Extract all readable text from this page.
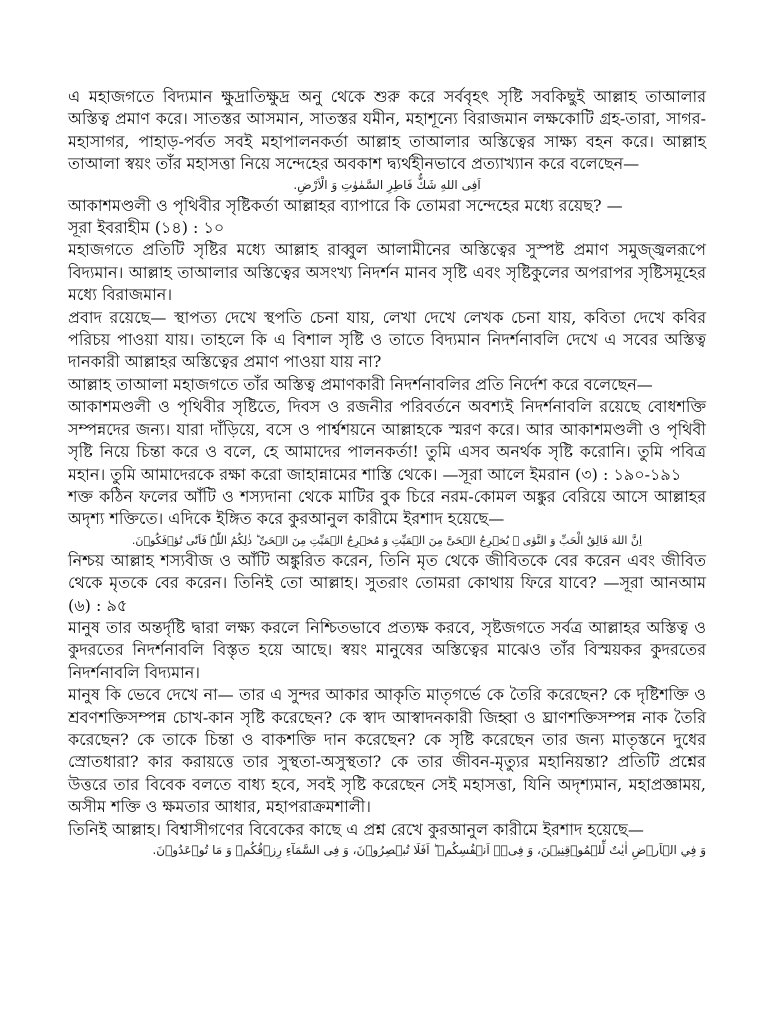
এ মহাজগতে বিদ্যমান ক্ষুদ্রাতিক্ষুদ্র অনু থেকে শুরু করে সর্ববৃহৎ সৃষ্টি সবকিছুই আল্লাহ তাআলার অস্তিত্ব প্রমাণ করে। সাতস্তর আসমান, সাতস্তর যমীন, মহাশূন্যে বিরাজমান লক্ষকোটি গ্রহ-তারা, সাগর-মহাসাগর, পাহাড়-পর্বত সবই মহাপালনকর্তা আল্লাহ তাআলার অস্তিত্বের সাক্ষ্য বহন করে। আল্লাহ তাআলা স্বয়ং তাঁর মহাসত্তা নিয়ে সন্দেহের অবকাশ দ্ব্যর্থহীনভাবে প্রত্যাখ্যান করে বলেছেন—

اَفِى اللهِ شَكٌّ فَاطِرِ السَّمٰوٰتِ وَ الْاَرْضِ.

আকাশমণ্ডলী ও পৃথিবীর সৃষ্টিকর্তা আল্লাহর ব্যাপারে কি তোমরা সন্দেহের মধ্যে রয়েছ? —

সূরা ইবরাহীম (১৪) : ১০

মহাজগতে প্রতিটি সৃষ্টির মধ্যে আল্লাহ রাব্বুল আলামীনের অস্তিত্বের সুস্পষ্ট প্রমাণ সমুজ্জ্বলরূপে বিদ্যমান। আল্লাহ তাআলার অস্তিত্বের অসংখ্য নিদর্শন মানব সৃষ্টি এবং সৃষ্টিকুলের অপরাপর সৃষ্টিসমূহের মধ্যে বিরাজমান।

প্রবাদ রয়েছে— স্থাপত্য দেখে স্থপতি চেনা যায়, লেখা দেখে লেখক চেনা যায়, কবিতা দেখে কবির পরিচয় পাওয়া যায়। তাহলে কি এ বিশাল সৃষ্টি ও তাতে বিদ্যমান নিদর্শনাবলি দেখে এ সবের অস্তিত্ব দানকারী আল্লাহর অস্তিত্বের প্রমাণ পাওয়া যায় না?

আল্লাহ তাআলা মহাজগতে তাঁর অস্তিত্ব প্রমাণকারী নিদর্শনাবলির প্রতি নির্দেশ করে বলেছেন—

আকাশমণ্ডলী ও পৃথিবীর সৃষ্টিতে, দিবস ও রজনীর পরিবর্তনে অবশ্যই নিদর্শনাবলি রয়েছে বোধশক্তি সম্পন্নদের জন্য। যারা দাঁড়িয়ে, বসে ও পার্শ্বশয়নে আল্লাহকে স্মরণ করে। আর আকাশমণ্ডলী ও পৃথিবী সৃষ্টি নিয়ে চিন্তা করে ও বলে, হে আমাদের পালনকর্তা! তুমি এসব অনর্থক সৃষ্টি করোনি। তুমি পবিত্র মহান। তুমি আমাদেরকে রক্ষা করো জাহান্নামের শাস্তি থেকে। —সূরা আলে ইমরান (৩) : ১৯০-১৯১

শক্ত কঠিন ফলের আঁটি ও শস্যদানা থেকে মাটির বুক চিরে নরম-কোমল অঙ্কুর বেরিয়ে আসে আল্লাহর অদৃশ্য শক্তিতে। এদিকে ইঙ্গিত করে কুরআনুল কারীমে ইরশাদ হয়েছে—

اِنَّ اللهَ فَالِقُ الْحَبِّ وَ النَّوٰى ۖ یُخۡرِجُ الۡحَیَّ مِنَ الۡمَیِّتِ وَ مُخۡرِجُ الۡمَیِّتِ مِنَ الۡحَیِّ ؕ ذٰلِکُمُ اللّٰہُ فَاَنّٰی تُؤۡفَکُوۡنَ.

নিশ্চয় আল্লাহ শস্যবীজ ও আঁটি অঙ্কুরিত করেন, তিনি মৃত থেকে জীবিতকে বের করেন এবং জীবিত থেকে মৃতকে বের করেন। তিনিই তো আল্লাহ। সুতরাং তোমরা কোথায় ফিরে যাবে? —সূরা আনআম (৬) : ৯৫

মানুষ তার অন্তর্দৃষ্টি দ্বারা লক্ষ্য করলে নিশ্চিতভাবে প্রত্যক্ষ করবে, সৃষ্টজগতে সর্বত্র আল্লাহর অস্তিত্ব ও কুদরতের নিদর্শনাবলি বিস্তৃত হয়ে আছে। স্বয়ং মানুষের অস্তিত্বের মাঝেও তাঁর বিস্ময়কর কুদরতের নিদর্শনাবলি বিদ্যমান।

মানুষ কি ভেবে দেখে না— তার এ সুন্দর আকার আকৃতি মাতৃগর্ভে কে তৈরি করেছেন? কে দৃষ্টিশক্তি ও শ্রবণশক্তিসম্পন্ন চোখ-কান সৃষ্টি করেছেন? কে স্বাদ আস্বাদনকারী জিহ্বা ও ঘ্রাণশক্তিসম্পন্ন নাক তৈরি করেছেন? কে তাকে চিন্তা ও বাকশক্তি দান করেছেন? কে সৃষ্টি করেছেন তার জন্য মাতৃস্তনে দুধের স্রোতধারা? কার করায়ত্তে তার সুস্থতা-অসুস্থতা? কে তার জীবন-মৃত্যুর মহানিয়ন্তা? প্রতিটি প্রশ্নের উত্তরে তার বিবেক বলতে বাধ্য হবে, সবই সৃষ্টি করেছেন সেই মহাসত্তা, যিনি অদৃশ্যমান, মহাপ্রজ্ঞাময়, অসীম শক্তি ও ক্ষমতার আধার, মহাপরাক্রমশালী।

তিনিই আল্লাহ। বিশ্বাসীগণের বিবেকের কাছে এ প্রশ্ন রেখে কুরআনুল কারীমে ইরশাদ হয়েছে—

وَ فِي الۡاَرۡضِ اٰیٰتٌ لِّلۡمُوۡقِنِیۡنَ، وَ فِیۡۤ اَنۡفُسِکُمۡ ؕ اَفَلَا تُبۡصِرُوۡنَ، وَ فِی السَّمَآءِ رِزۡقُکُمۡ وَ مَا تُوۡعَدُوۡنَ.
